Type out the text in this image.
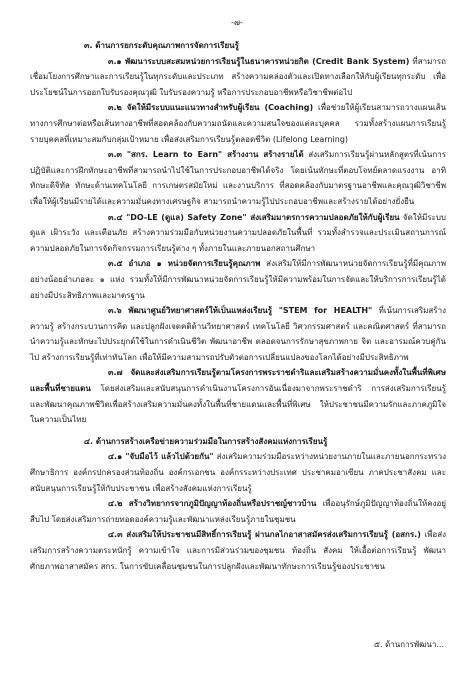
-๗-

๓. ด้านการยกระดับคุณภาพการจัดการเรียนรู้

๓.๑ พัฒนาระบบสะสมหน่วยการเรียนรู้ในธนาคารหน่วยกิต (Credit Bank System) ที่สามารถเชื่อมโยงการศึกษาและการเรียนรู้ในทุกระดับและประเภท สร้างความคล่องตัวและเปิดทางเลือกให้กับผู้เรียนทุกระดับ เพื่อประโยชน์ในการออกใบรับรองคุณวุฒิ ใบรับรองความรู้ หรือการประกอบอาชีพหรือวิชาชีพต่อไป

๓.๒ จัดให้มีระบบแนะแนวทางสำหรับผู้เรียน (Coaching) เพื่อช่วยให้ผู้เรียนสามารถวางแผนเส้นทางการศึกษาต่อหรือเส้นทางอาชีพที่สอดคล้องกับความถนัดและความสนใจของแต่ละบุคคล รวมทั้งสร้างแผนการเรียนรู้รายบุคคลที่เหมาะสมกับกลุ่มเป้าหมาย เพื่อส่งเสริมการเรียนรู้ตลอดชีวิต (Lifelong Learning)

๓.๓ "สกร. Learn to Earn" สร้างงาน สร้างรายได้ ส่งเสริมการเรียนรู้ผ่านหลักสูตรที่เน้นการปฏิบัติและการฝึกทักษะอาชีพที่สามารถนำไปใช้ในการประกอบอาชีพได้จริง โดยเน้นทักษะที่ตอบโจทย์ตลาดแรงงาน อาทิ ทักษะดิจิทัล ทักษะด้านเทคโนโลยี การเกษตรสมัยใหม่ และงานบริการ ที่สอดคล้องกับมาตรฐานอาชีพและคุณวุฒิวิชาชีพ เพื่อให้ผู้เรียนมีรายได้และความมั่นคงทางเศรษฐกิจ สามารถนำความรู้ไปประกอบอาชีพและสร้างรายได้อย่างยั่งยืน

๓.๔ "DO-LE (ดูแล) Safety Zone" ส่งเสริมมาตรการความปลอดภัยให้กับผู้เรียน จัดให้มีระบบดูแล เฝ้าระวัง และเตือนภัย สร้างความร่วมมือกับหน่วยงานความปลอดภัยในพื้นที่ รวมทั้งสำรวจและประเมินสถานการณ์ความปลอดภัยในการจัดกิจกรรมการเรียนรู้ต่าง ๆ ทั้งภายในและภายนอกสถานศึกษา

๓.๕ อำเภอ ๑ หน่วยจัดการเรียนรู้คุณภาพ ส่งเสริมให้มีการพัฒนาหน่วยจัดการเรียนรู้ที่มีคุณภาพ อย่างน้อยอำเภอละ ๑ แห่ง รวมทั้งให้มีการพัฒนาหน่วยจัดการเรียนรู้ให้มีความพร้อมในการจัดและให้บริการการเรียนรู้ได้อย่างมีประสิทธิภาพและมาตรฐาน

๓.๖ พัฒนาศูนย์วิทยาศาสตร์ให้เป็นแหล่งเรียนรู้ "STEM for HEALTH" ที่เน้นการเสริมสร้างความรู้ สร้างกระบวนการคิด และปลูกฝังเจตคติด้านวิทยาศาสตร์ เทคโนโลยี วิศวกรรมศาสตร์ และคณิตศาสตร์ ที่สามารถนำความรู้และทักษะไปประยุกต์ใช้ในการดำเนินชีวิต พัฒนาอาชีพ ตลอดจนการรักษาสุขภาพกาย จิต และอารมณ์ควบคู่กันไป สร้างการเรียนรู้ที่เท่าทันโลก เพื่อให้มีความสามารถปรับตัวต่อการเปลี่ยนแปลงของโลกได้อย่างมีประสิทธิภาพ

๓.๗ จัดและส่งเสริมการเรียนรู้ตามโครงการพระราชดำริและเสริมสร้างความมั่นคงทั้งในพื้นที่พิเศษและพื้นที่ชายแดน โดยส่งเสริมและสนับสนุนการดำเนินงานโครงการอันเนื่องมาจากพระราชดำริ การส่งเสริมการเรียนรู้ และพัฒนาคุณภาพชีวิตเพื่อสร้างเสริมความมั่นคงทั้งในพื้นที่ชายแดนและพื้นที่พิเศษ ให้ประชาชนมีความรักและภาคภูมิใจในความเป็นไทย

๔. ด้านการสร้างเครือข่ายความร่วมมือในการสร้างสังคมแห่งการเรียนรู้

๔.๑ "จับมือไว้ แล้วไปด้วยกัน" ส่งเสริมความร่วมมือระหว่างหน่วยงานภายในและภายนอกกระทรวงศึกษาธิการ องค์กรปกครองส่วนท้องถิ่น องค์กรเอกชน องค์กรระหว่างประเทศ ประชาคมอาเซียน ภาคประชาสังคม และสนับสนุนการเรียนรู้ให้กับประชาชน เพื่อสร้างสังคมแห่งการเรียนรู้

๔.๒ สร้างวิทยากรจากภูมิปัญญาท้องถิ่นหรือปราชญ์ชาวบ้าน เพื่ออนุรักษ์ภูมิปัญญาท้องถิ่นให้คงอยู่สืบไป โดยส่งเสริมการถ่ายทอดองค์ความรู้และพัฒนาแหล่งเรียนรู้ภายในชุมชน

๔.๓ ส่งเสริมให้ประชาชนมีสิทธิ์การเรียนรู้ ผ่านกลไกอาสาสมัครส่งเสริมการเรียนรู้ (อสกร.) เพื่อส่งเสริมการสร้างความตระหนักรู้ ความเข้าใจ และการมีส่วนร่วมของชุมชน ท้องถิ่น สังคม ให้เอื้อต่อการเรียนรู้ พัฒนาศักยภาพอาสาสมัคร สกร. ในการขับเคลื่อนชุมชนในการปลูกฝังและพัฒนาทักษะการเรียนรู้ของประชาชน

๕. ด้านการพัฒนา...
